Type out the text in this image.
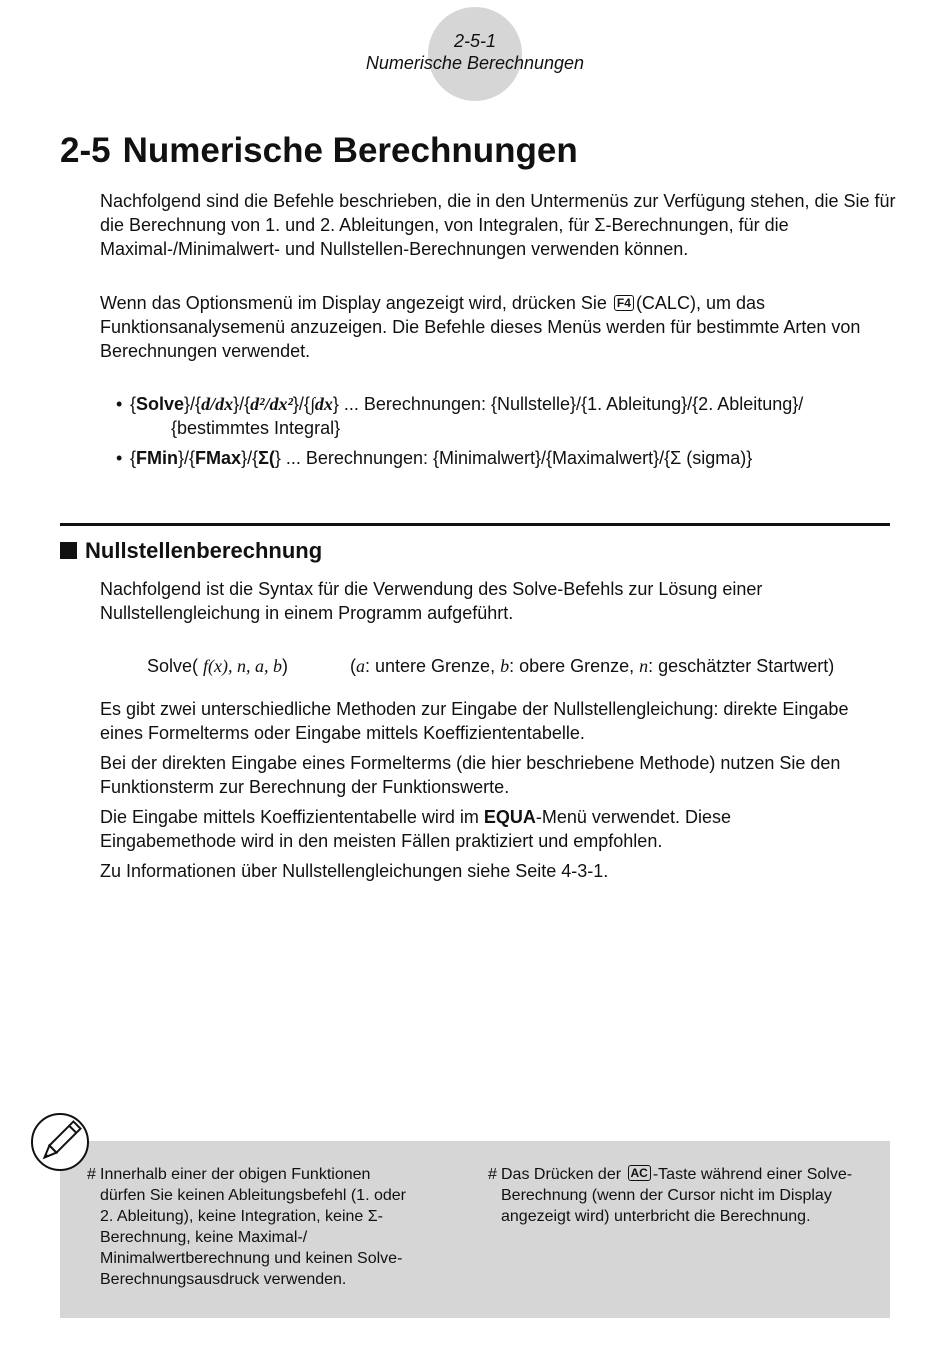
2-5-1
Numerische Berechnungen
2-5 Numerische Berechnungen

Nachfolgend sind die Befehle beschrieben, die in den Untermenüs zur Verfügung stehen, die Sie für die Berechnung von 1. und 2. Ableitungen, von Integralen, für Σ-Berechnungen, für die Maximal-/Minimalwert- und Nullstellen-Berechnungen verwenden können.

Wenn das Optionsmenü im Display angezeigt wird, drücken Sie F4 (CALC), um das Funktionsanalysemenü anzuzeigen. Die Befehle dieses Menüs werden für bestimmte Arten von Berechnungen verwendet.

• {Solve}/{d/dx}/{d²/dx²}/{∫dx} ... Berechnungen: {Nullstelle}/{1. Ableitung}/{2. Ableitung}/
{bestimmtes Integral}
• {FMin}/{FMax}/{Σ(} ... Berechnungen: {Minimalwert}/{Maximalwert}/{Σ (sigma)}
Nullstellenberechnung

Nachfolgend ist die Syntax für die Verwendung des Solve-Befehls zur Lösung einer Nullstellengleichung in einem Programm aufgeführt.

Solve( f(x), n, a, b)	(a: untere Grenze, b: obere Grenze, n: geschätzter Startwert)

Es gibt zwei unterschiedliche Methoden zur Eingabe der Nullstellengleichung: direkte Eingabe eines Formelterms oder Eingabe mittels Koeffiziententabelle.

Bei der direkten Eingabe eines Formelterms (die hier beschriebene Methode) nutzen Sie den Funktionsterm zur Berechnung der Funktionswerte.

Die Eingabe mittels Koeffiziententabelle wird im EQUA-Menü verwendet. Diese Eingabemethode wird in den meisten Fällen praktiziert und empfohlen.

Zu Informationen über Nullstellengleichungen siehe Seite 4-3-1.

# Innerhalb einer der obigen Funktionen dürfen Sie keinen Ableitungsbefehl (1. oder 2. Ableitung), keine Integration, keine Σ-Berechnung, keine Maximal-/ Minimalwertberechnung und keinen Solve-Berechnungsausdruck verwenden.
# Das Drücken der AC -Taste während einer Solve-Berechnung (wenn der Cursor nicht im Display angezeigt wird) unterbricht die Berechnung.
